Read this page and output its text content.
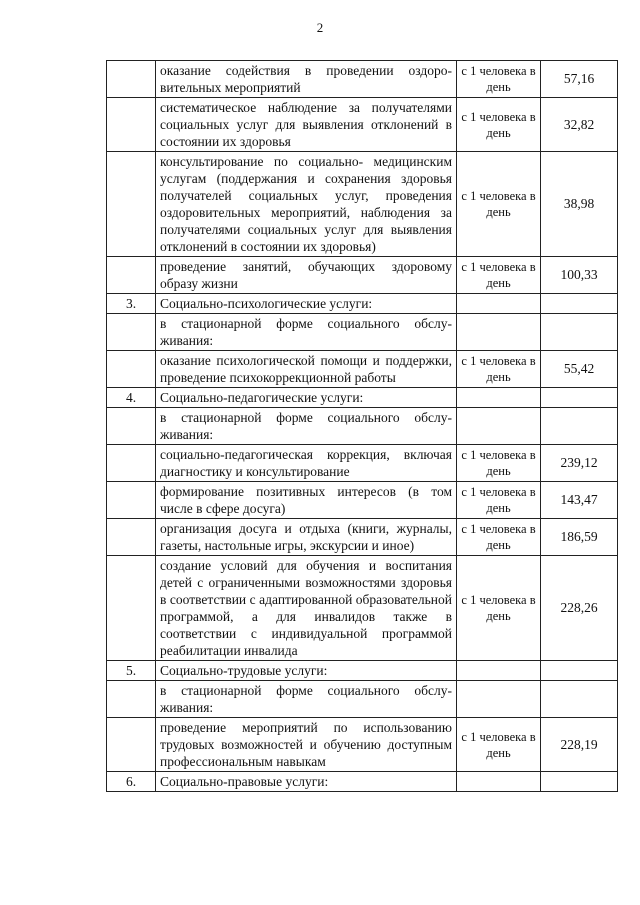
2
	оказание содействия в проведении оздоровительных мероприятий	с 1 человека в день	57,16
	систематическое наблюдение за получателями социальных услуг для выявления отклонений в состоянии их здоровья	с 1 человека в день	32,82
	консультирование по социально- медицинским услугам (поддержания и сохранения здоровья получателей социальных услуг, проведения оздоровительных мероприятий, наблюдения за получателями социальных услуг для выявления отклонений в состоянии их здоровья)	с 1 человека в день	38,98
	проведение занятий, обучающих здоровому образу жизни	с 1 человека в день	100,33
3.	Социально-психологические услуги:		
	в стационарной форме социального обслуживания:		
	оказание психологической помощи и поддержки, проведение психокоррекционной работы	с 1 человека в день	55,42
4.	Социально-педагогические услуги:		
	в стационарной форме социального обслуживания:		
	социально-педагогическая коррекция, включая диагностику и консультирование	с 1 человека в день	239,12
	формирование позитивных интересов (в том числе в сфере досуга)	с 1 человека в день	143,47
	организация досуга и отдыха (книги, журналы, газеты, настольные игры, экскурсии и иное)	с 1 человека в день	186,59
	создание условий для обучения и воспитания детей с ограниченными возможностями здоровья в соответствии с адаптированной образовательной программой, а для инвалидов также в соответствии с индивидуальной программой реабилитации инвалида	с 1 человека в день	228,26
5.	Социально-трудовые услуги:		
	в стационарной форме социального обслуживания:		
	проведение мероприятий по использованию трудовых возможностей и обучению доступным профессиональным навыкам	с 1 человека в день	228,19
6.	Социально-правовые услуги:		
